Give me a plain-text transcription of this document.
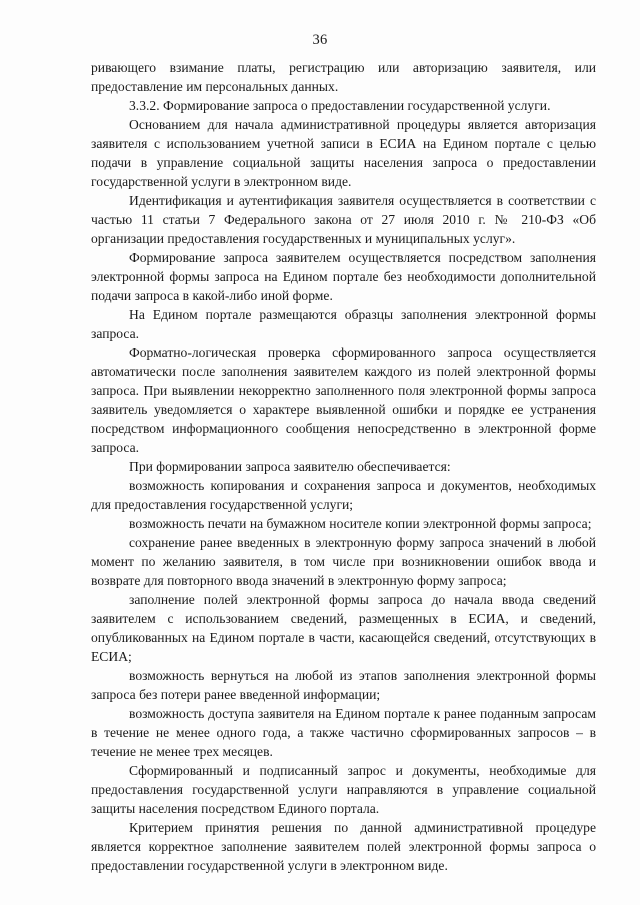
36

ривающего взимание платы, регистрацию или авторизацию заявителя, или предоставление им персональных данных.

3.3.2. Формирование запроса о предоставлении государственной услуги.

Основанием для начала административной процедуры является авторизация заявителя с использованием учетной записи в ЕСИА на Едином портале с целью подачи в управление социальной защиты населения запроса о предоставлении государственной услуги в электронном виде.

Идентификация и аутентификация заявителя осуществляется в соответствии с частью 11 статьи 7 Федерального закона от 27 июля 2010 г. № 210-ФЗ «Об организации предоставления государственных и муниципальных услуг».

Формирование запроса заявителем осуществляется посредством заполнения электронной формы запроса на Едином портале без необходимости дополнительной подачи запроса в какой-либо иной форме.

На Едином портале размещаются образцы заполнения электронной формы запроса.

Форматно-логическая проверка сформированного запроса осуществляется автоматически после заполнения заявителем каждого из полей электронной формы запроса. При выявлении некорректно заполненного поля электронной формы запроса заявитель уведомляется о характере выявленной ошибки и порядке ее устранения посредством информационного сообщения непосредственно в электронной форме запроса.

При формировании запроса заявителю обеспечивается:

возможность копирования и сохранения запроса и документов, необходимых для предоставления государственной услуги;

возможность печати на бумажном носителе копии электронной формы запроса;

сохранение ранее введенных в электронную форму запроса значений в любой момент по желанию заявителя, в том числе при возникновении ошибок ввода и возврате для повторного ввода значений в электронную форму запроса;

заполнение полей электронной формы запроса до начала ввода сведений заявителем с использованием сведений, размещенных в ЕСИА, и сведений, опубликованных на Едином портале в части, касающейся сведений, отсутствующих в ЕСИА;

возможность вернуться на любой из этапов заполнения электронной формы запроса без потери ранее введенной информации;

возможность доступа заявителя на Едином портале к ранее поданным запросам в течение не менее одного года, а также частично сформированных запросов – в течение не менее трех месяцев.

Сформированный и подписанный запрос и документы, необходимые для предоставления государственной услуги направляются в управление социальной защиты населения посредством Единого портала.

Критерием принятия решения по данной административной процедуре является корректное заполнение заявителем полей электронной формы запроса о предоставлении государственной услуги в электронном виде.
